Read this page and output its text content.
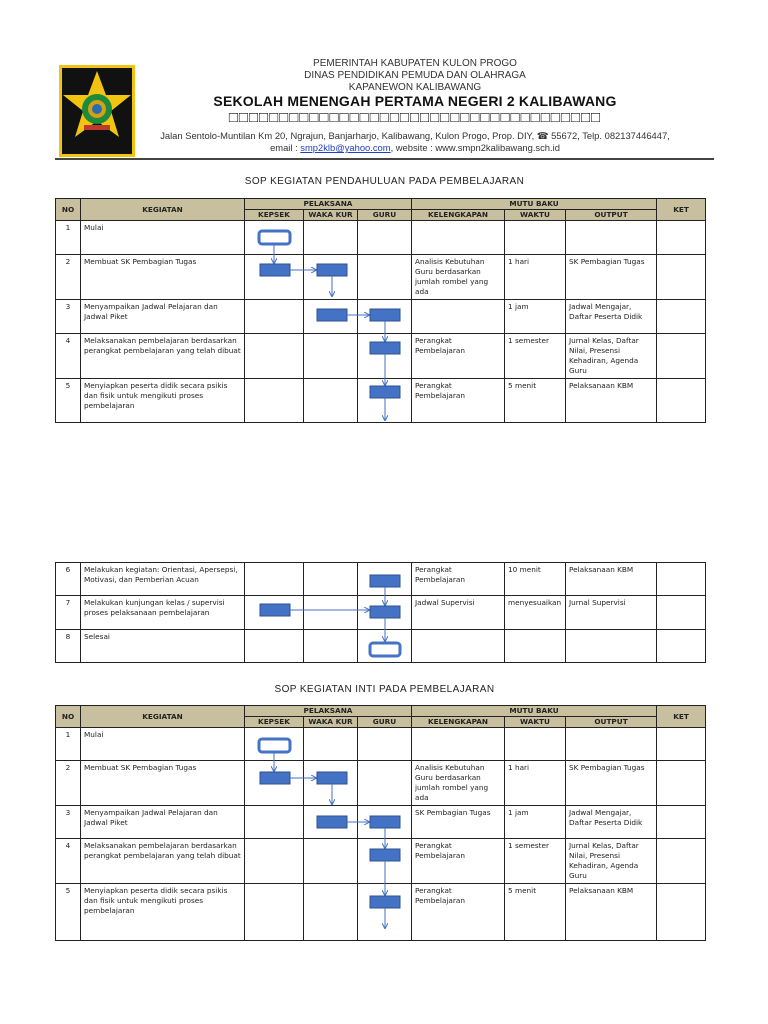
PEMERINTAH KABUPATEN KULON PROGO
DINAS PENDIDIKAN PEMUDA DAN OLAHRAGA
KAPANEWON KALIBAWANG
SEKOLAH MENENGAH PERTAMA NEGERI 2 KALIBAWANG
□□□□□□□□□□□□□□□□□□□□□□□□□□□□□□□□□□□□□
Jalan Sentolo-Muntilan Km 20, Ngrajun, Banjarharjo, Kalibawang, Kulon Progo, Prop. DIY, ☎ 55672, Telp. 082137446447,
email : smp2klb@yahoo.com, website : www.smpn2kalibawang.sch.id
SOP KEGIATAN PENDAHULUAN PADA PEMBELAJARAN
NO	KEGIATAN	PELAKSANA			MUTU BAKU			KET
		KEPSEK	WAKA KUR	GURU	KELENGKAPAN	WAKTU	OUTPUT	
1	Mulai							
2	Membuat SK Pembagian Tugas				Analisis Kebutuhan Guru berdasarkan jumlah rombel yang ada	1 hari	SK Pembagian Tugas	
3	Menyampaikan Jadwal Pelajaran dan Jadwal Piket					1 jam	Jadwal Mengajar, Daftar Peserta Didik	
4	Melaksanakan pembelajaran berdasarkan perangkat pembelajaran yang telah dibuat				Perangkat Pembelajaran	1 semester	Jurnal Kelas, Daftar Nilai, Presensi Kehadiran, Agenda Guru	
5	Menyiapkan peserta didik secara psikis dan fisik untuk mengikuti proses pembelajaran				Perangkat Pembelajaran	5 menit	Pelaksanaan KBM	
6	Melakukan kegiatan: Orientasi, Apersepsi, Motivasi, dan Pemberian Acuan				Perangkat Pembelajaran	10 menit	Pelaksanaan KBM	
7	Melakukan kunjungan kelas / supervisi proses pelaksanaan pembelajaran				Jadwal Supervisi	menyesuaikan	Jurnal Supervisi	
8	Selesai							
SOP KEGIATAN INTI PADA PEMBELAJARAN
NO	KEGIATAN	PELAKSANA			MUTU BAKU			KET
		KEPSEK	WAKA KUR	GURU	KELENGKAPAN	WAKTU	OUTPUT	
1	Mulai							
2	Membuat SK Pembagian Tugas				Analisis Kebutuhan Guru berdasarkan jumlah rombel yang ada	1 hari	SK Pembagian Tugas	
3	Menyampaikan Jadwal Pelajaran dan Jadwal Piket				SK Pembagian Tugas	1 jam	Jadwal Mengajar, Daftar Peserta Didik	
4	Melaksanakan pembelajaran berdasarkan perangkat pembelajaran yang telah dibuat				Perangkat Pembelajaran	1 semester	Jurnal Kelas, Daftar Nilai, Presensi Kehadiran, Agenda Guru	
5	Menyiapkan peserta didik secara psikis dan fisik untuk mengikuti proses pembelajaran				Perangkat Pembelajaran	5 menit	Pelaksanaan KBM	
